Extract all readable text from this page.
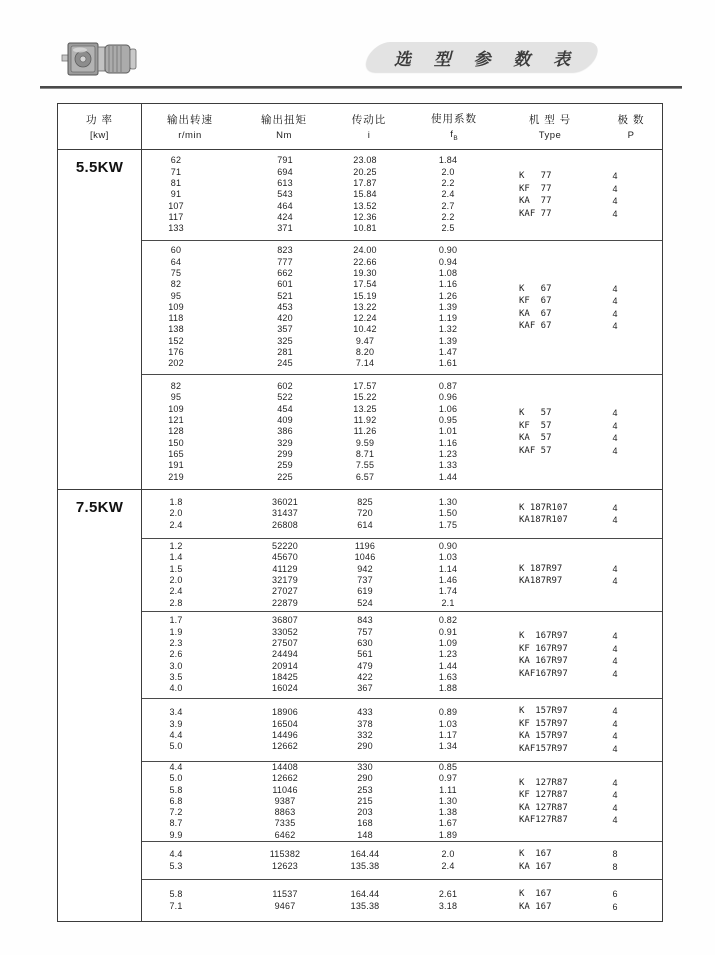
选 型 参 数 表
功 率
[kw]
输出转速
r/min
输出扭矩
Nm
传动比
i
使用系数
$f_B$
机 型 号
Type
极 数
P
5.5KW	62
71
81
91
107
117
133
791
694
613
543
464
424
371
23.08
20.25
17.87
15.84
13.52
12.36
10.81
1.84
2.0
2.2
2.4
2.7
2.2
2.5
K   77
KF  77
KA  77
KAF 77
4
4
4
4
60
64
75
82
95
109
118
138
152
176
202
823
777
662
601
521
453
420
357
325
281
245
24.00
22.66
19.30
17.54
15.19
13.22
12.24
10.42
9.47
8.20
7.14
0.90
0.94
1.08
1.16
1.26
1.39
1.19
1.32
1.39
1.47
1.61
K   67
KF  67
KA  67
KAF 67
4
4
4
4
82
95
109
121
128
150
165
191
219
602
522
454
409
386
329
299
259
225
17.57
15.22
13.25
11.92
11.26
9.59
8.71
7.55
6.57
0.87
0.96
1.06
0.95
1.01
1.16
1.23
1.33
1.44
K   57
KF  57
KA  57
KAF 57
4
4
4
4
7.5KW	1.8
2.0
2.4
36021
31437
26808
825
720
614
1.30
1.50
1.75
K 187R107
KA187R107
4
4
1.2
1.4
1.5
2.0
2.4
2.8
52220
45670
41129
32179
27027
22879
1196
1046
942
737
619
524
0.90
1.03
1.14
1.46
1.74
2.1
K 187R97
KA187R97
4
4
1.7
1.9
2.3
2.6
3.0
3.5
4.0
36807
33052
27507
24494
20914
18425
16024
843
757
630
561
479
422
367
0.82
0.91
1.09
1.23
1.44
1.63
1.88
K  167R97
KF 167R97
KA 167R97
KAF167R97
4
4
4
4
3.4
3.9
4.4
5.0
18906
16504
14496
12662
433
378
332
290
0.89
1.03
1.17
1.34
K  157R97
KF 157R97
KA 157R97
KAF157R97
4
4
4
4
4.4
5.0
5.8
6.8
7.2
8.7
9.9
14408
12662
11046
9387
8863
7335
6462
330
290
253
215
203
168
148
0.85
0.97
1.11
1.30
1.38
1.67
1.89
K  127R87
KF 127R87
KA 127R87
KAF127R87
4
4
4
4
4.4
5.3
115382
12623
164.44
135.38
2.0
2.4
K  167
KA 167
8
8
5.8
7.1
11537
9467
164.44
135.38
2.61
3.18
K  167
KA 167
6
6
